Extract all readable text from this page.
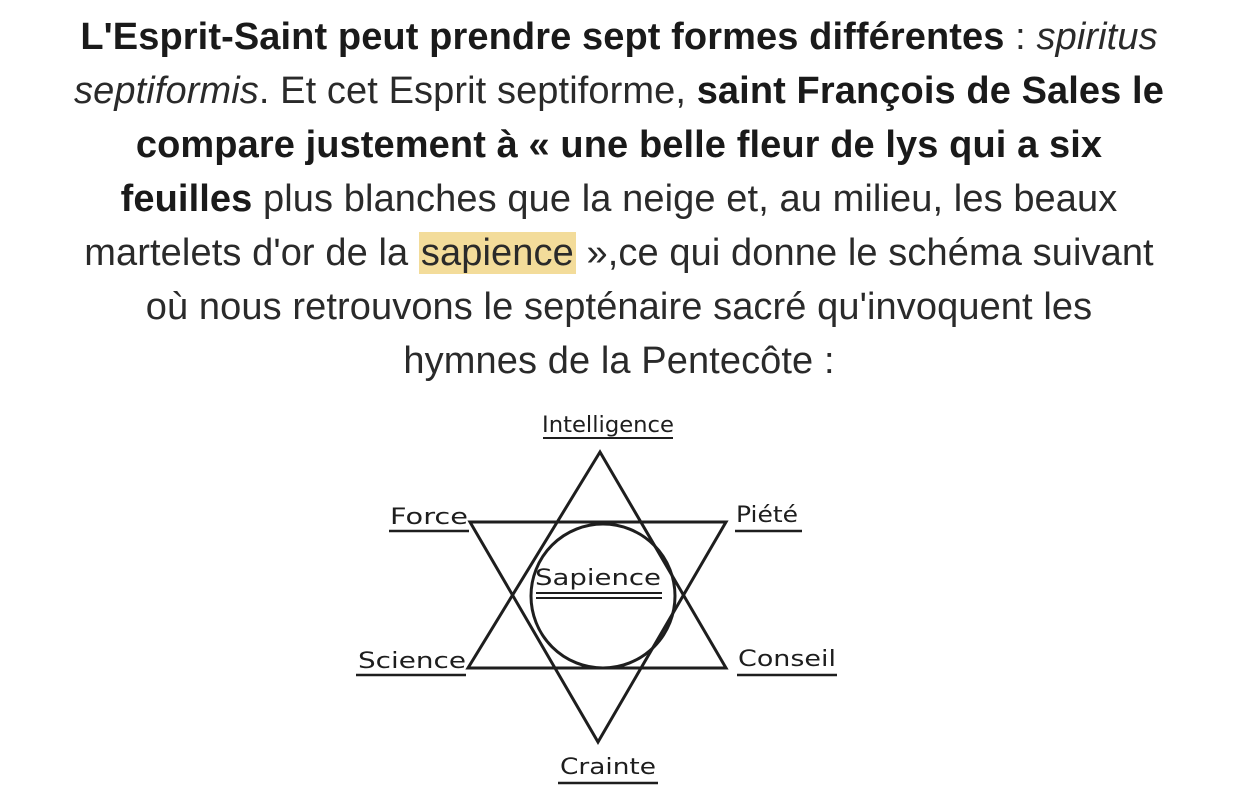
L'Esprit-Saint peut prendre sept formes différentes : spiritus
septiformis. Et cet Esprit septiforme, saint François de Sales le
compare justement à « une belle fleur de lys qui a six
feuilles plus blanches que la neige et, au milieu, les beaux
martelets d'or de la sapience »,ce qui donne le schéma suivant
où nous retrouvons le septénaire sacré qu'invoquent les
hymnes de la Pentecôte :
Intelligence
Force	Piété
Sapience
Science	Conseil
Crainte
